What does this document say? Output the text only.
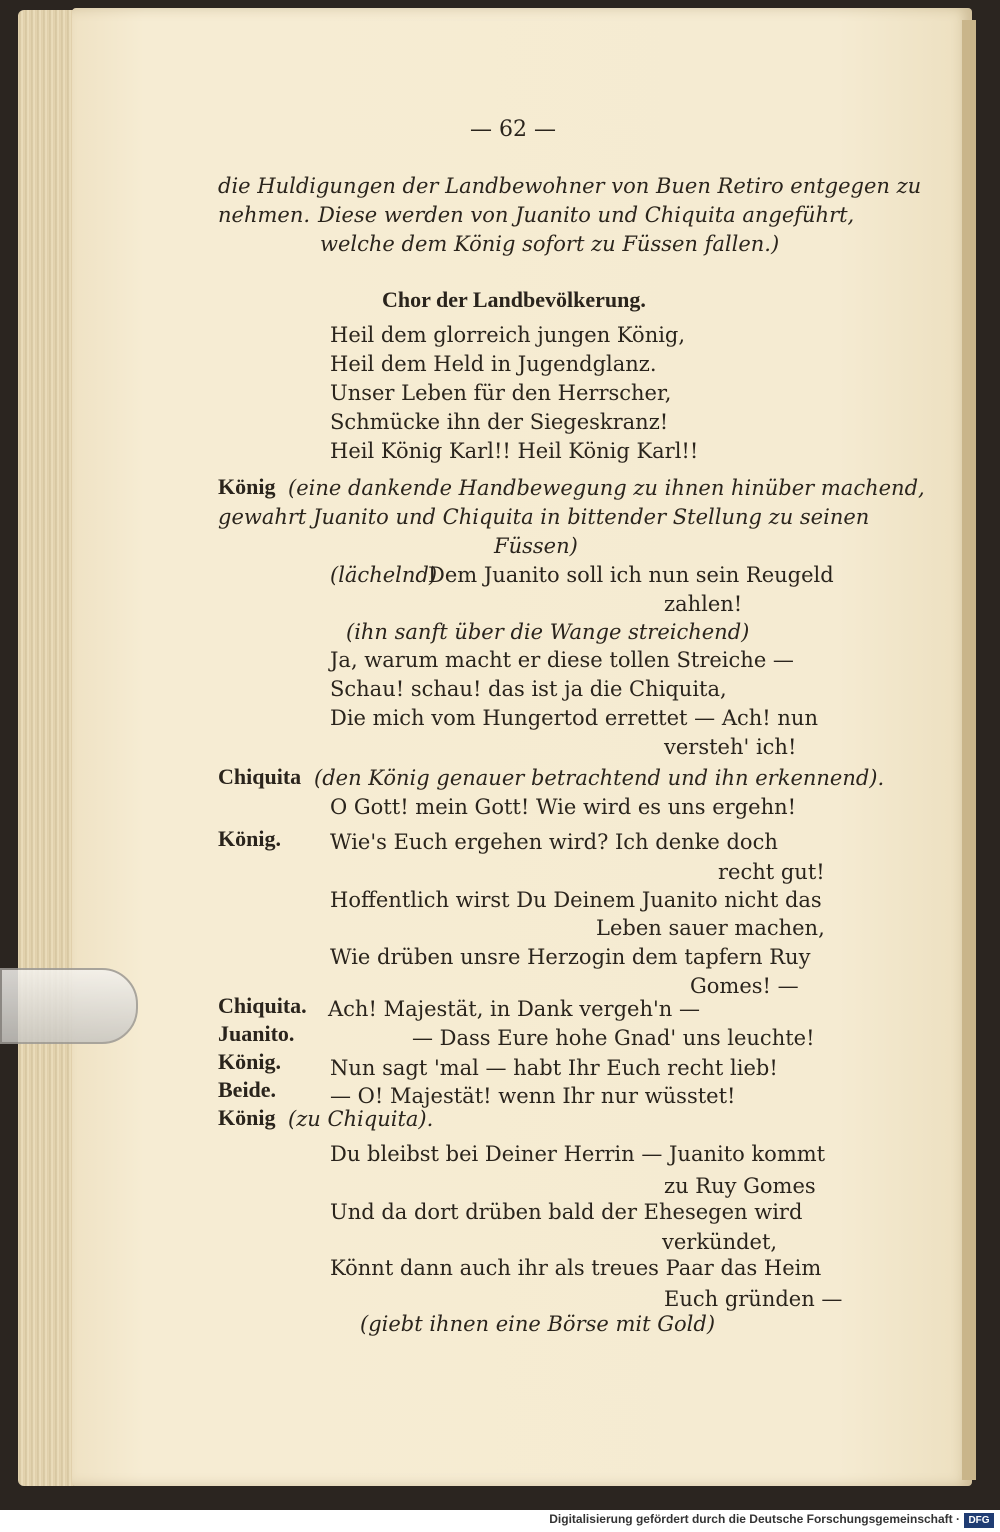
— 62 —
die Huldigungen der Landbewohner von Buen Retiro entgegen zu
nehmen. Diese werden von Juanito und Chiquita angeführt,
welche dem König sofort zu Füssen fallen.)
Chor der Landbevölkerung.
Heil dem glorreich jungen König,
Heil dem Held in Jugendglanz.
Unser Leben für den Herrscher,
Schmücke ihn der Siegeskranz!
Heil König Karl!! Heil König Karl!!
König (eine dankende Handbewegung zu ihnen hinüber machend,
gewahrt Juanito und Chiquita in bittender Stellung zu seinen
Füssen)
(lächelnd)
Dem Juanito soll ich nun sein Reugeld
zahlen!
(ihn sanft über die Wange streichend)
Ja, warum macht er diese tollen Streiche —
Schau! schau! das ist ja die Chiquita,
Die mich vom Hungertod errettet — Ach! nun
versteh' ich!
Chiquita (den König genauer betrachtend und ihn erkennend).
O Gott! mein Gott! Wie wird es uns ergehn!
König. Wie's Euch ergehen wird? Ich denke doch
recht gut!
Hoffentlich wirst Du Deinem Juanito nicht das
Leben sauer machen,
Wie drüben unsre Herzogin dem tapfern Ruy
Gomes! —
Chiquita. Ach! Majestät, in Dank vergeh'n —
Juanito.	— Dass Eure hohe Gnad' uns leuchte!
König. Nun sagt 'mal — habt Ihr Euch recht lieb!
Beide.	— O! Majestät! wenn Ihr nur wüsstet!
König (zu Chiquita).
Du bleibst bei Deiner Herrin — Juanito kommt
zu Ruy Gomes
Und da dort drüben bald der Ehesegen wird
verkündet,
Könnt dann auch ihr als treues Paar das Heim
Euch gründen —
(giebt ihnen eine Börse mit Gold)
Digitalisierung gefördert durch die Deutsche Forschungsgemeinschaft · DFG
